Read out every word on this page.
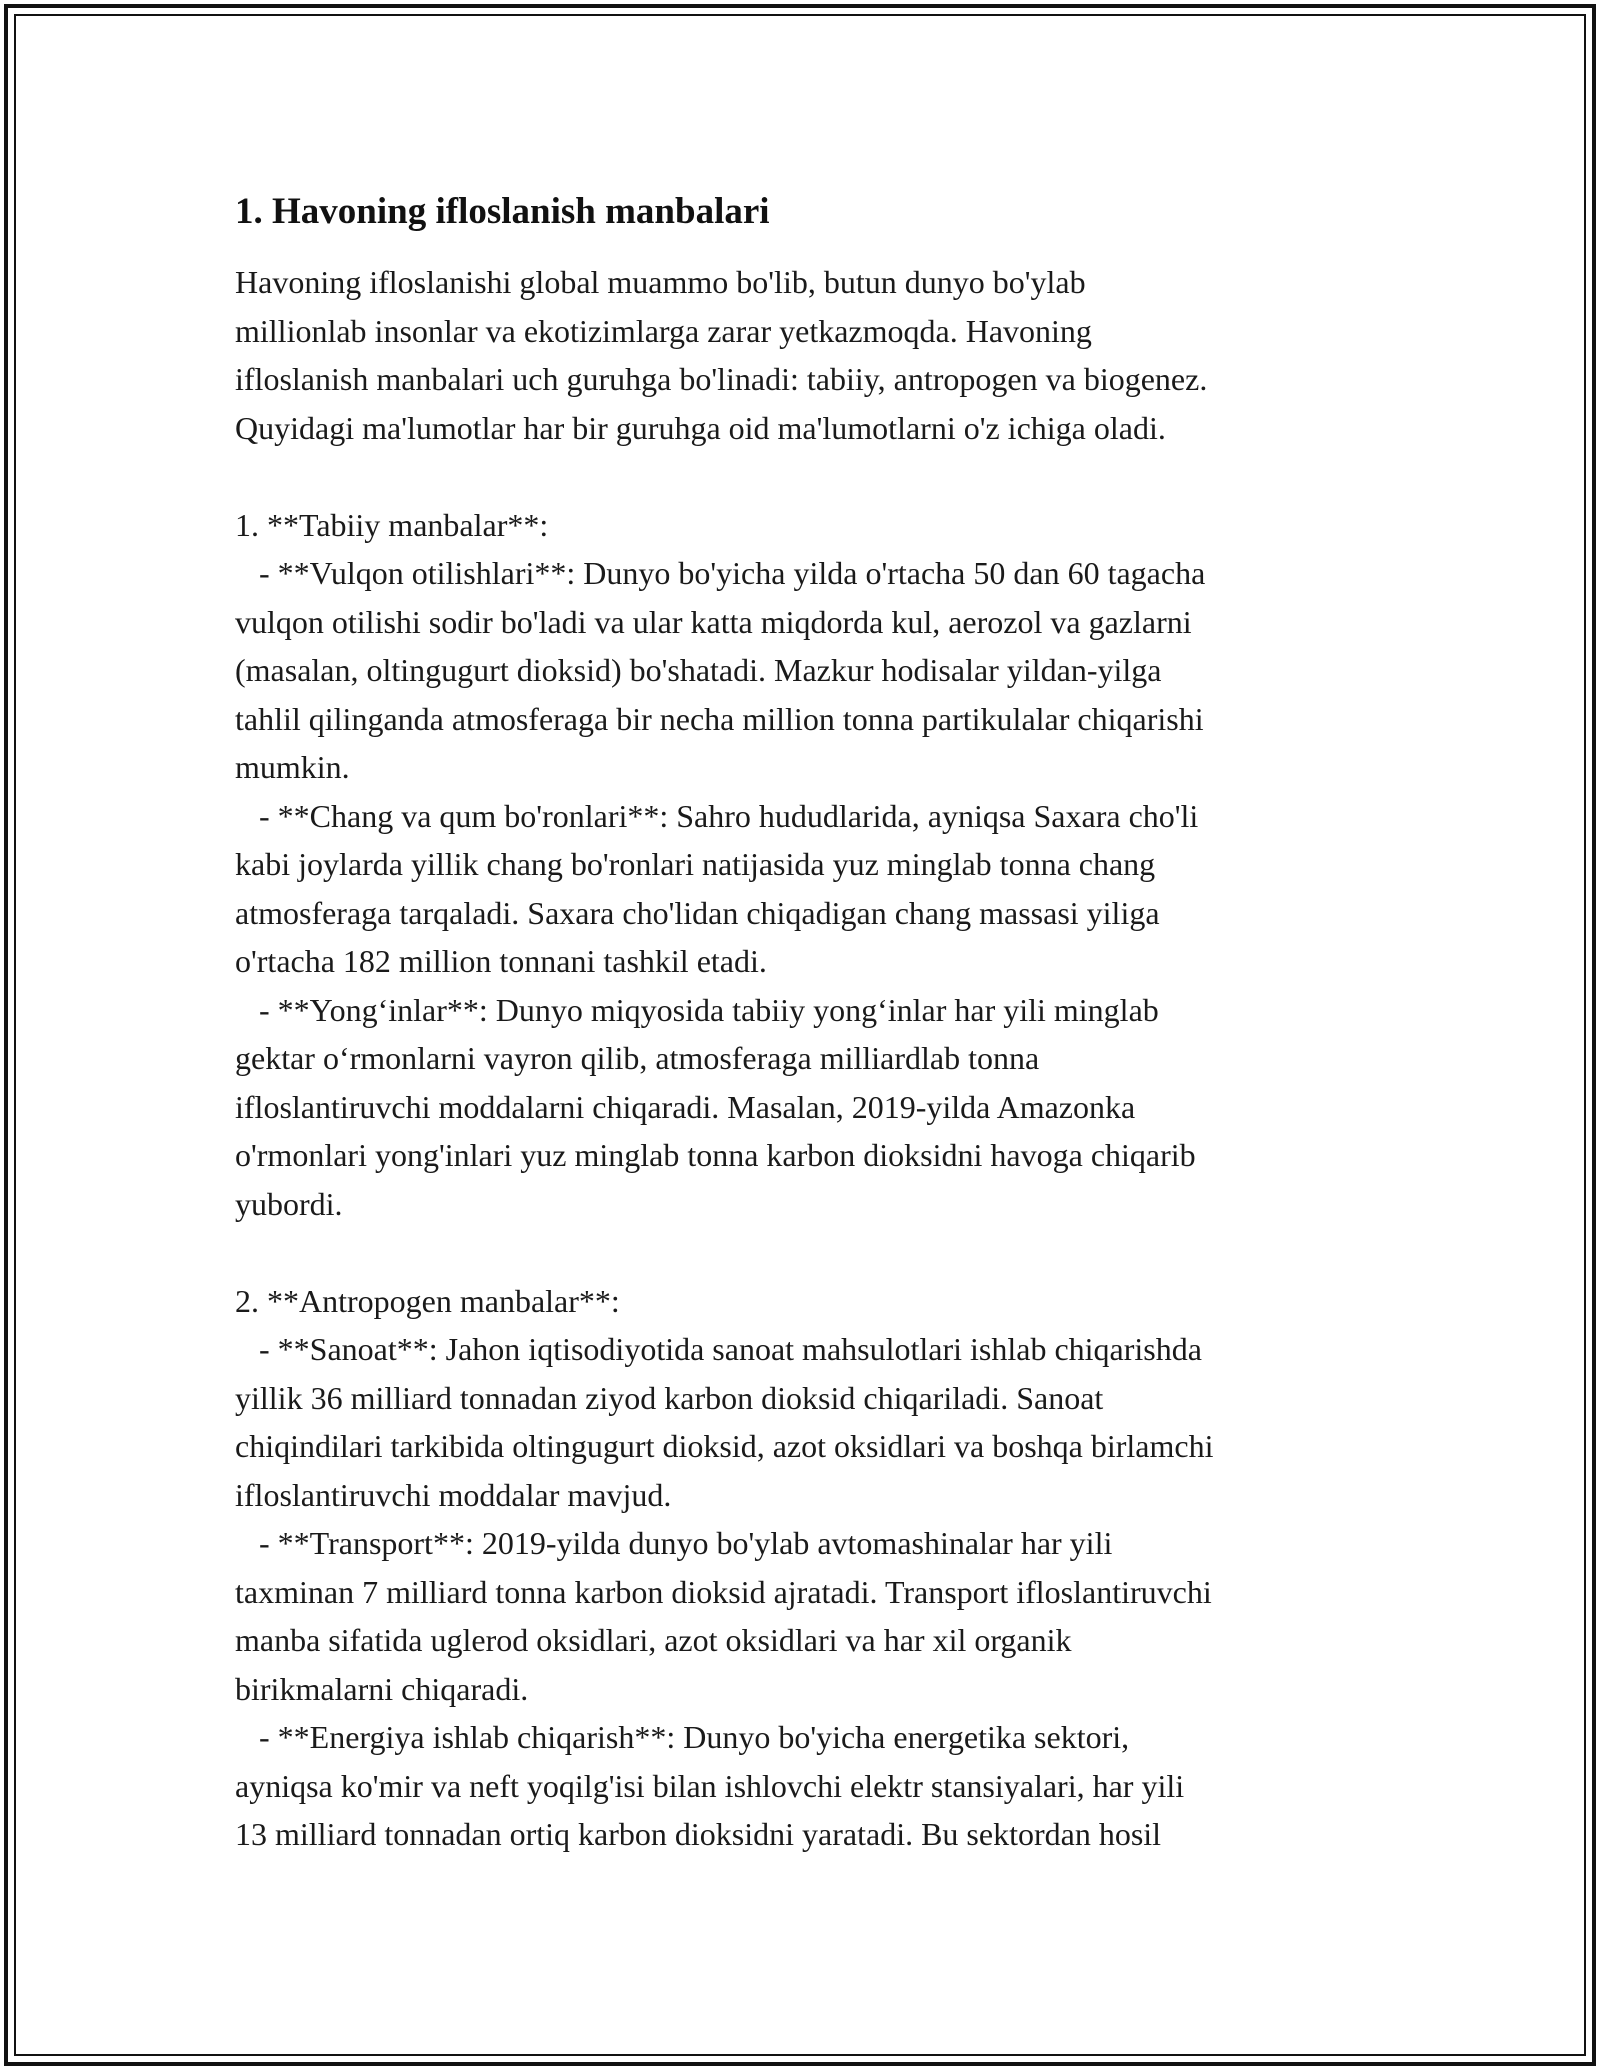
1. Havoning ifloslanish manbalari
Havoning ifloslanishi global muammo bo'lib, butun dunyo bo'ylab
millionlab insonlar va ekotizimlarga zarar yetkazmoqda. Havoning
ifloslanish manbalari uch guruhga bo'linadi: tabiiy, antropogen va biogenez.
Quyidagi ma'lumotlar har bir guruhga oid ma'lumotlarni o'z ichiga oladi.
1. **Tabiiy manbalar**:
- **Vulqon otilishlari**: Dunyo bo'yicha yilda o'rtacha 50 dan 60 tagacha
vulqon otilishi sodir bo'ladi va ular katta miqdorda kul, aerozol va gazlarni
(masalan, oltingugurt dioksid) bo'shatadi. Mazkur hodisalar yildan-yilga
tahlil qilinganda atmosferaga bir necha million tonna partikulalar chiqarishi
mumkin.
- **Chang va qum bo'ronlari**: Sahro hududlarida, ayniqsa Saxara cho'li
kabi joylarda yillik chang bo'ronlari natijasida yuz minglab tonna chang
atmosferaga tarqaladi. Saxara cho'lidan chiqadigan chang massasi yiliga
o'rtacha 182 million tonnani tashkil etadi.
- **Yong‘inlar**: Dunyo miqyosida tabiiy yong‘inlar har yili minglab
gektar o‘rmonlarni vayron qilib, atmosferaga milliardlab tonna
ifloslantiruvchi moddalarni chiqaradi. Masalan, 2019-yilda Amazonka
o'rmonlari yong'inlari yuz minglab tonna karbon dioksidni havoga chiqarib
yubordi.
2. **Antropogen manbalar**:
- **Sanoat**: Jahon iqtisodiyotida sanoat mahsulotlari ishlab chiqarishda
yillik 36 milliard tonnadan ziyod karbon dioksid chiqariladi. Sanoat
chiqindilari tarkibida oltingugurt dioksid, azot oksidlari va boshqa birlamchi
ifloslantiruvchi moddalar mavjud.
- **Transport**: 2019-yilda dunyo bo'ylab avtomashinalar har yili
taxminan 7 milliard tonna karbon dioksid ajratadi. Transport ifloslantiruvchi
manba sifatida uglerod oksidlari, azot oksidlari va har xil organik
birikmalarni chiqaradi.
- **Energiya ishlab chiqarish**: Dunyo bo'yicha energetika sektori,
ayniqsa ko'mir va neft yoqilg'isi bilan ishlovchi elektr stansiyalari, har yili
13 milliard tonnadan ortiq karbon dioksidni yaratadi. Bu sektordan hosil
